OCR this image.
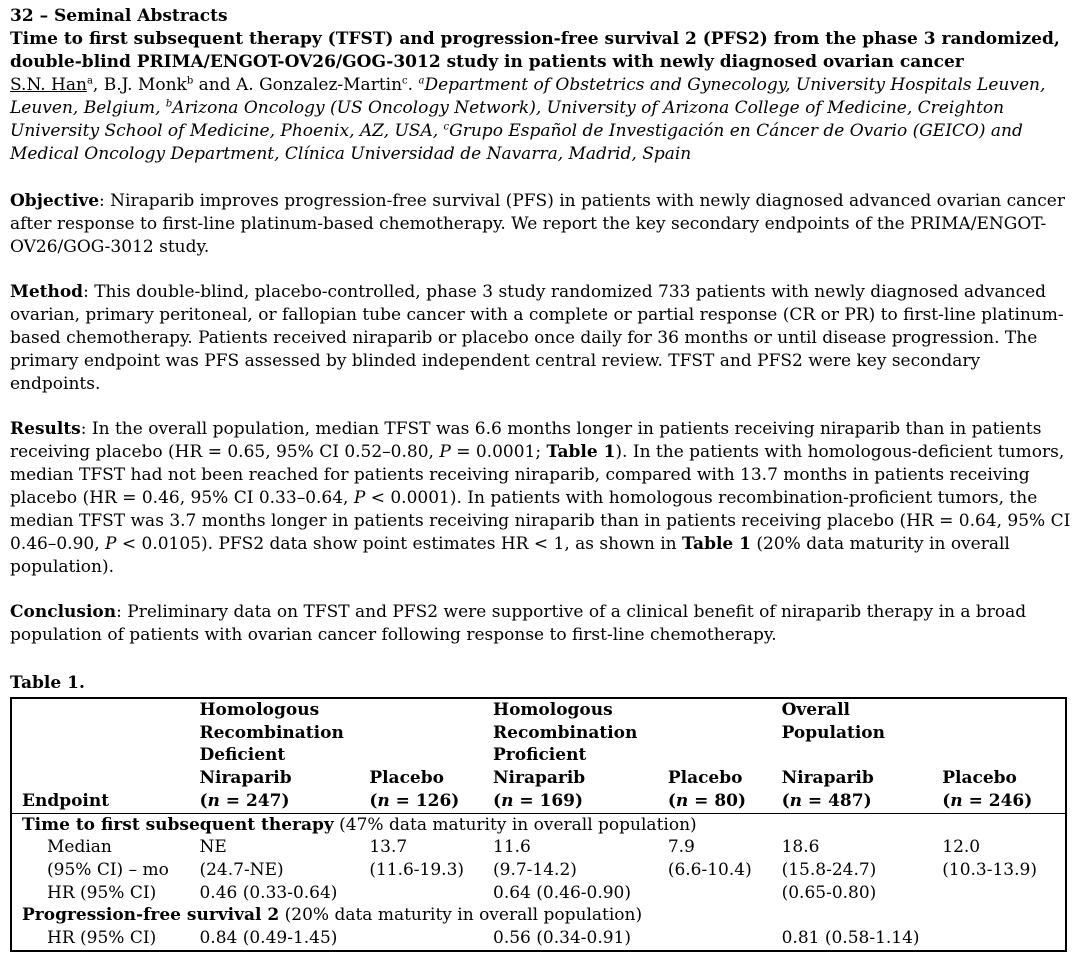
32 – Seminal Abstracts
Time to first subsequent therapy (TFST) and progression-free survival 2 (PFS2) from the phase 3 randomized, double-blind PRIMA/ENGOT-OV26/GOG-3012 study in patients with newly diagnosed ovarian cancer
S.N. Han$^a$, B.J. Monk$^b$ and A. Gonzalez-Martin$^c$. $^a$Department of Obstetrics and Gynecology, University Hospitals Leuven, Leuven, Belgium, $^b$Arizona Oncology (US Oncology Network), University of Arizona College of Medicine, Creighton University School of Medicine, Phoenix, AZ, USA, $^c$Grupo Español de Investigación en Cáncer de Ovario (GEICO) and Medical Oncology Department, Clínica Universidad de Navarra, Madrid, Spain

Objective: Niraparib improves progression-free survival (PFS) in patients with newly diagnosed advanced ovarian cancer after response to first-line platinum-based chemotherapy. We report the key secondary endpoints of the PRIMA/ENGOT-OV26/GOG-3012 study.

Method: This double-blind, placebo-controlled, phase 3 study randomized 733 patients with newly diagnosed advanced ovarian, primary peritoneal, or fallopian tube cancer with a complete or partial response (CR or PR) to first-line platinum-based chemotherapy. Patients received niraparib or placebo once daily for 36 months or until disease progression. The primary endpoint was PFS assessed by blinded independent central review. TFST and PFS2 were key secondary endpoints.

Results: In the overall population, median TFST was 6.6 months longer in patients receiving niraparib than in patients receiving placebo (HR = 0.65, 95% CI 0.52–0.80, P = 0.0001; Table 1). In the patients with homologous-deficient tumors, median TFST had not been reached for patients receiving niraparib, compared with 13.7 months in patients receiving placebo (HR = 0.46, 95% CI 0.33–0.64, P < 0.0001). In patients with homologous recombination-proficient tumors, the median TFST was 3.7 months longer in patients receiving niraparib than in patients receiving placebo (HR = 0.64, 95% CI 0.46–0.90, P < 0.0105). PFS2 data show point estimates HR < 1, as shown in Table 1 (20% data maturity in overall population).

Conclusion: Preliminary data on TFST and PFS2 were supportive of a clinical benefit of niraparib therapy in a broad population of patients with ovarian cancer following response to first-line chemotherapy.

Table 1.
	Homologous
Recombination
Deficient		Homologous
Recombination
Proficient		Overall
Population	
Endpoint	Niraparib
(n = 247)	Placebo
(n = 126)	Niraparib
(n = 169)	Placebo
(n = 80)	Niraparib
(n = 487)	Placebo
(n = 246)
Time to first subsequent therapy (47% data maturity in overall population)						
Median	NE	13.7	11.6	7.9	18.6	12.0
(95% CI) – mo	(24.7-NE)	(11.6-19.3)	(9.7-14.2)	(6.6-10.4)	(15.8-24.7)	(10.3-13.9)
HR (95% CI)	0.46 (0.33-0.64)		0.64 (0.46-0.90)		(0.65-0.80)	
Progression-free survival 2 (20% data maturity in overall population)						
HR (95% CI)	0.84 (0.49-1.45)		0.56 (0.34-0.91)		0.81 (0.58-1.14)	
